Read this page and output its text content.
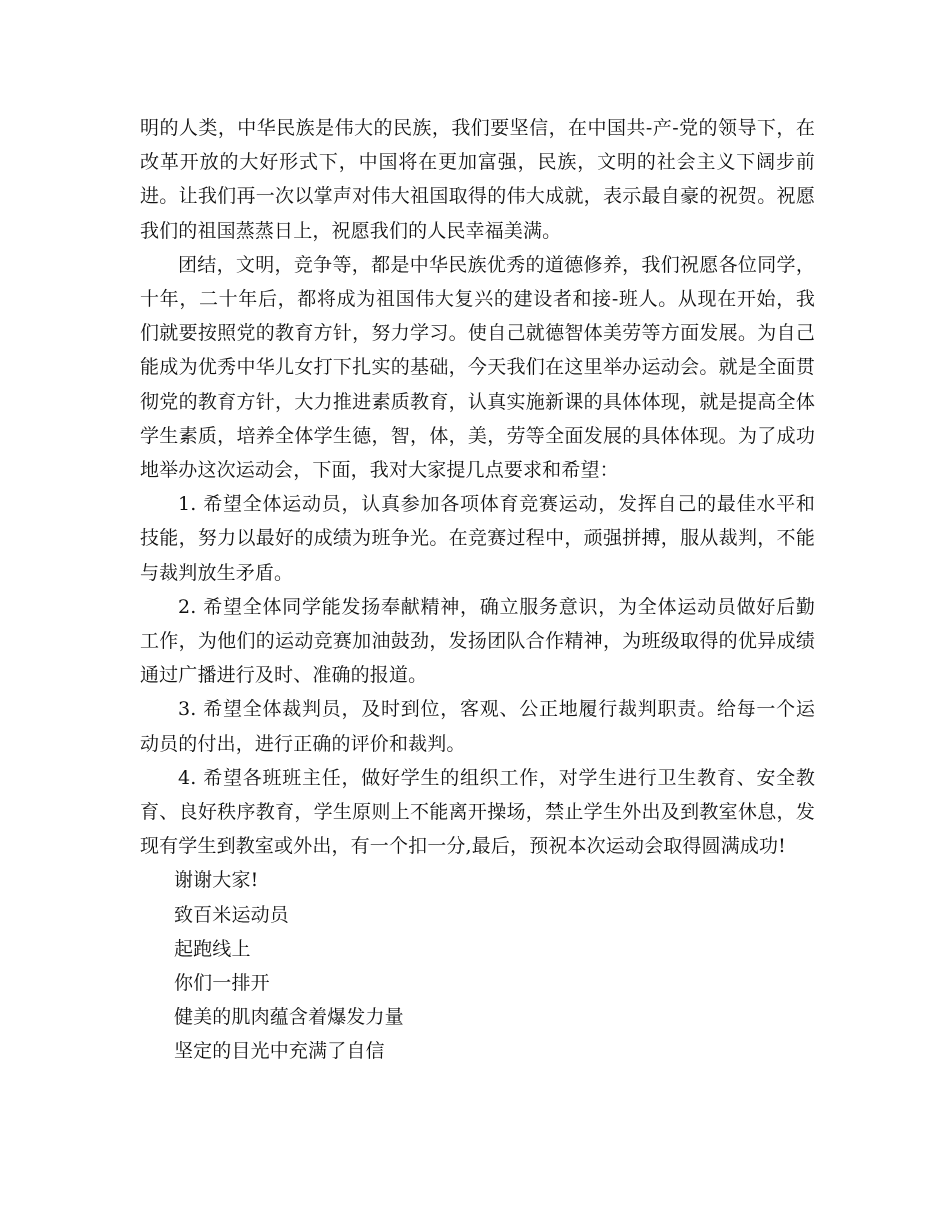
明的人类，中华民族是伟大的民族，我们要坚信，在中国共-产-党的领导下，在改革开放的大好形式下，中国将在更加富强，民族，文明的社会主义下阔步前进。让我们再一次以掌声对伟大祖国取得的伟大成就，表示最自豪的祝贺。祝愿我们的祖国蒸蒸日上，祝愿我们的人民幸福美满。

团结，文明，竞争等，都是中华民族优秀的道德修养，我们祝愿各位同学，十年，二十年后，都将成为祖国伟大复兴的建设者和接-班人。从现在开始，我们就要按照党的教育方针，努力学习。使自己就德智体美劳等方面发展。为自己能成为优秀中华儿女打下扎实的基础，今天我们在这里举办运动会。就是全面贯彻党的教育方针，大力推进素质教育，认真实施新课的具体体现，就是提高全体学生素质，培养全体学生德，智，体，美，劳等全面发展的具体体现。为了成功地举办这次运动会，下面，我对大家提几点要求和希望：

1. 希望全体运动员，认真参加各项体育竞赛运动，发挥自己的最佳水平和技能，努力以最好的成绩为班争光。在竞赛过程中，顽强拼搏，服从裁判，不能与裁判放生矛盾。

2. 希望全体同学能发扬奉献精神，确立服务意识，为全体运动员做好后勤工作，为他们的运动竞赛加油鼓劲，发扬团队合作精神，为班级取得的优异成绩通过广播进行及时、准确的报道。

3. 希望全体裁判员，及时到位，客观、公正地履行裁判职责。给每一个运动员的付出，进行正确的评价和裁判。

4. 希望各班班主任，做好学生的组织工作，对学生进行卫生教育、安全教育、良好秩序教育，学生原则上不能离开操场，禁止学生外出及到教室休息，发现有学生到教室或外出，有一个扣一分,最后，预祝本次运动会取得圆满成功!

谢谢大家!
致百米运动员
起跑线上
你们一排开
健美的肌肉蕴含着爆发力量
坚定的目光中充满了自信
